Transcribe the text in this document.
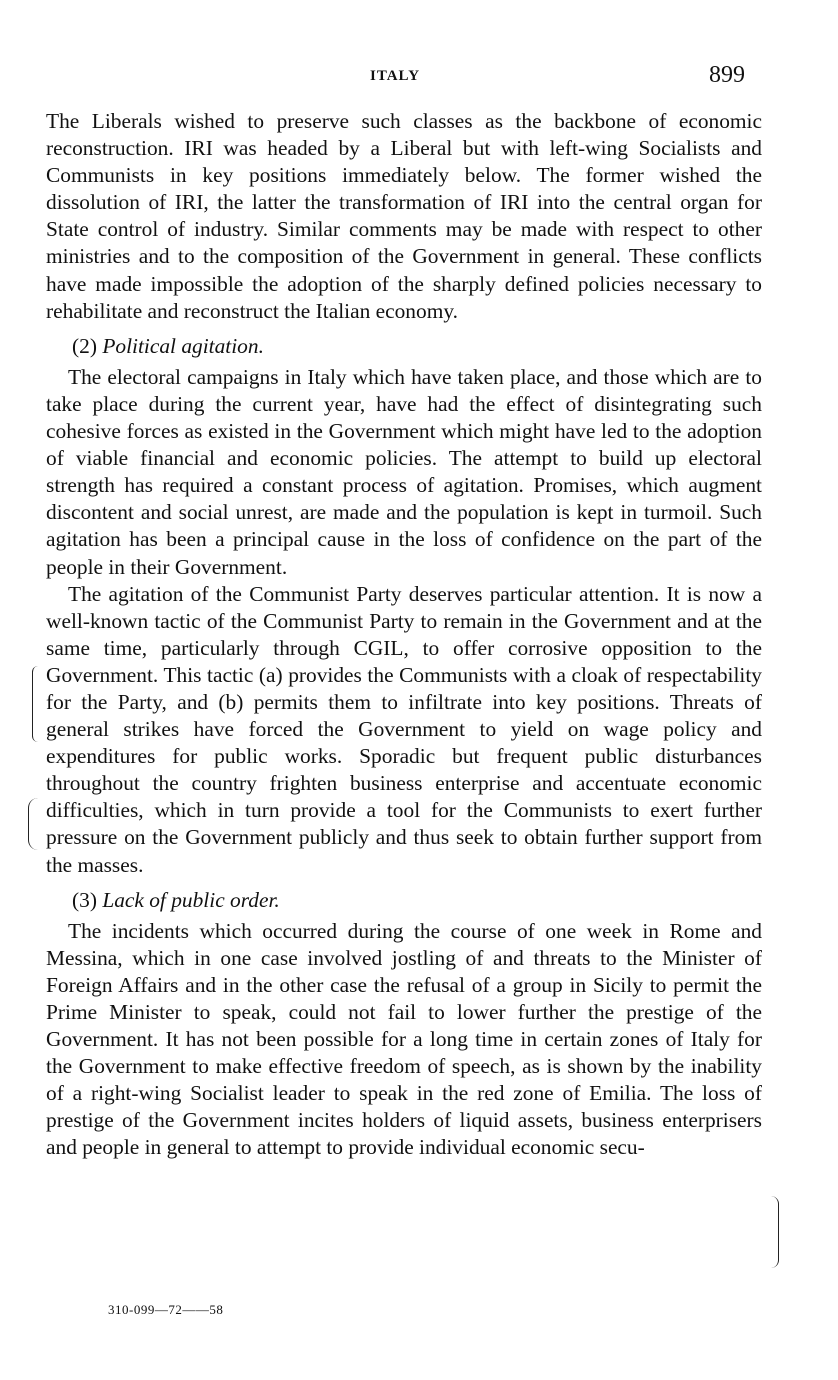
ITALY	899

The Liberals wished to preserve such classes as the backbone of economic reconstruction. IRI was headed by a Liberal but with left-wing Socialists and Communists in key positions immediately below. The former wished the dissolution of IRI, the latter the transformation of IRI into the central organ for State control of industry. Similar comments may be made with respect to other ministries and to the composition of the Government in general. These conflicts have made impossible the adoption of the sharply defined policies necessary to rehabilitate and reconstruct the Italian economy.

(2) Political agitation.

The electoral campaigns in Italy which have taken place, and those which are to take place during the current year, have had the effect of disintegrating such cohesive forces as existed in the Government which might have led to the adoption of viable financial and economic policies. The attempt to build up electoral strength has required a constant process of agitation. Promises, which augment discontent and social unrest, are made and the population is kept in turmoil. Such agitation has been a principal cause in the loss of confidence on the part of the people in their Government.

The agitation of the Communist Party deserves particular attention. It is now a well-known tactic of the Communist Party to remain in the Government and at the same time, particularly through CGIL, to offer corrosive opposition to the Government. This tactic (a) provides the Communists with a cloak of respectability for the Party, and (b) permits them to infiltrate into key positions. Threats of general strikes have forced the Government to yield on wage policy and expenditures for public works. Sporadic but frequent public disturbances throughout the country frighten business enterprise and accentuate economic difficulties, which in turn provide a tool for the Communists to exert further pressure on the Government publicly and thus seek to obtain further support from the masses.

(3) Lack of public order.

The incidents which occurred during the course of one week in Rome and Messina, which in one case involved jostling of and threats to the Minister of Foreign Affairs and in the other case the refusal of a group in Sicily to permit the Prime Minister to speak, could not fail to lower further the prestige of the Government. It has not been possible for a long time in certain zones of Italy for the Government to make effective freedom of speech, as is shown by the inability of a right-wing Socialist leader to speak in the red zone of Emilia. The loss of prestige of the Government incites holders of liquid assets, business enterprisers and people in general to attempt to provide individual economic secu-

310-099—72——58
